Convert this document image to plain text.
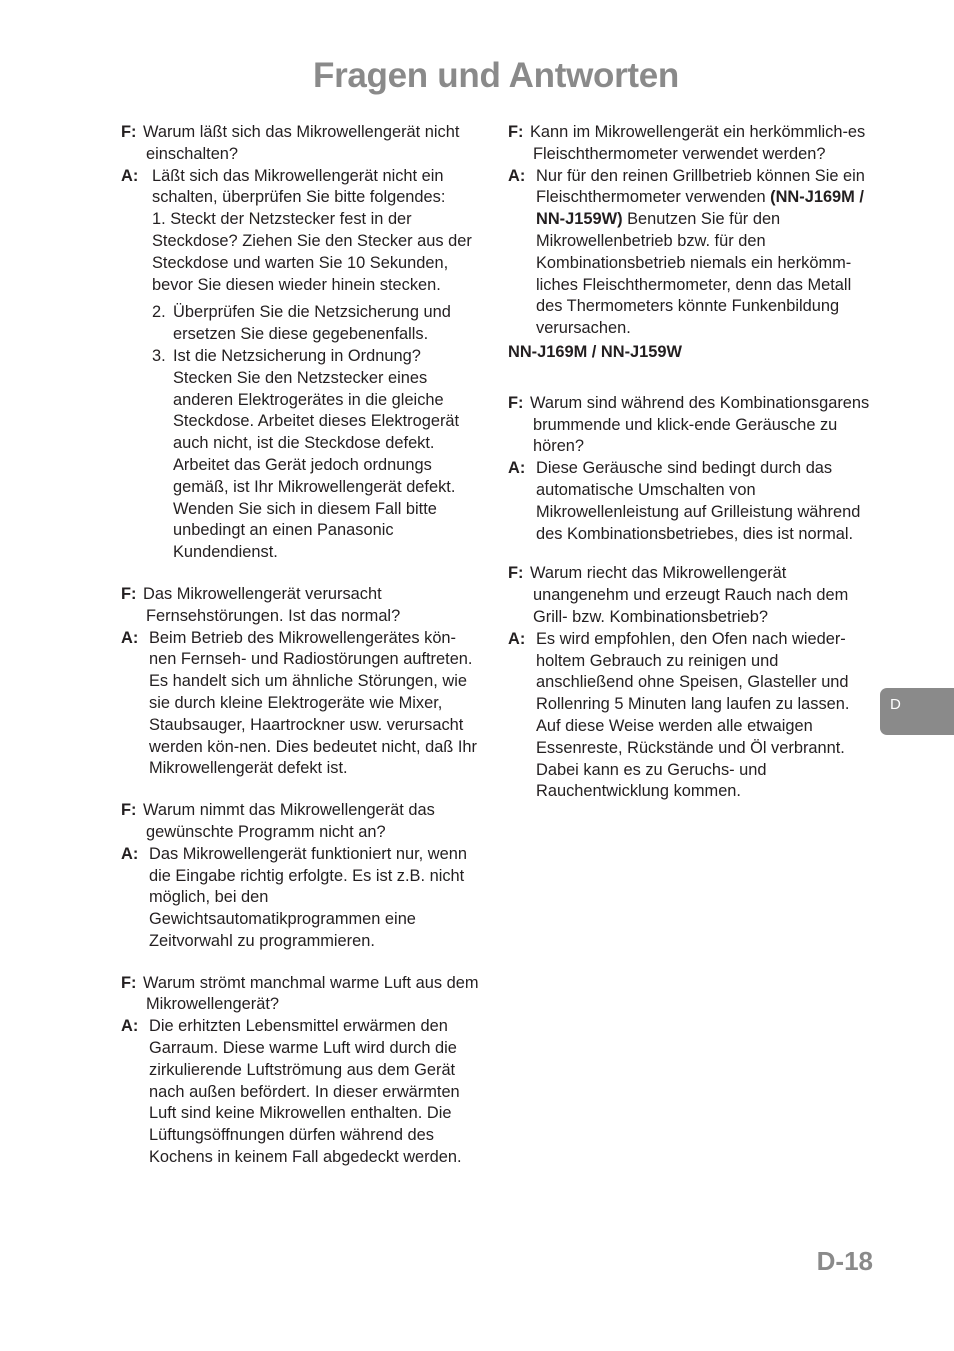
Fragen und Antworten
F: Warum läßt sich das Mikrowellengerät nicht einschalten?
A: Läßt sich das Mikrowellengerät nicht ein schalten, überprüfen Sie bitte folgendes:
1. Steckt der Netzstecker fest in der Steckdose? Ziehen Sie den Stecker aus der Steckdose und warten Sie 10 Sekunden, bevor Sie diesen wieder hinein stecken.
2. Überprüfen Sie die Netzsicherung und ersetzen Sie diese gegebenenfalls.
3. Ist die Netzsicherung in Ordnung? Stecken Sie den Netzstecker eines anderen Elektrogerätes in die gleiche Steckdose. Arbeitet dieses Elektrogerät auch nicht, ist die Steckdose defekt. Arbeitet das Gerät jedoch ordnungs gemäß, ist Ihr Mikrowellengerät defekt. Wenden Sie sich in diesem Fall bitte unbedingt an einen Panasonic Kundendienst.
F: Das Mikrowellengerät verursacht Fernsehstörungen. Ist das normal?
A: Beim Betrieb des Mikrowellengerätes kön-nen Fernseh- und Radiostörungen auftreten. Es handelt sich um ähnliche Störungen, wie sie durch kleine Elektrogeräte wie Mixer, Staubsauger, Haartrockner usw. verursacht werden kön-nen. Dies bedeutet nicht, daß Ihr Mikrowellengerät defekt ist.
F: Warum nimmt das Mikrowellengerät das gewünschte Programm nicht an?
A: Das Mikrowellengerät funktioniert nur, wenn die Eingabe richtig erfolgte. Es ist z.B. nicht möglich, bei den Gewichtsautomatikprogrammen eine Zeitvorwahl zu programmieren.
F: Warum strömt manchmal warme Luft aus dem Mikrowellengerät?
A: Die erhitzten Lebensmittel erwärmen den Garraum. Diese warme Luft wird durch die zirkulierende Luftströmung aus dem Gerät nach außen befördert. In dieser erwärmten Luft sind keine Mikrowellen enthalten. Die Lüftungsöffnungen dürfen während des Kochens in keinem Fall abgedeckt werden.
F: Kann im Mikrowellengerät ein herkömmlich-es Fleischthermometer verwendet werden?
A: Nur für den reinen Grillbetrieb können Sie ein Fleischthermometer verwenden (NN-J169M / NN-J159W) Benutzen Sie für den Mikrowellenbetrieb bzw. für den Kombinationsbetrieb niemals ein herkömm-liches Fleischthermometer, denn das Metall des Thermometers könnte Funkenbildung verursachen.
NN-J169M / NN-J159W
F: Warum sind während des Kombinationsgarens brummende und klick-ende Geräusche zu hören?
A: Diese Geräusche sind bedingt durch das automatische Umschalten von Mikrowellenleistung auf Grilleistung während des Kombinationsbetriebes, dies ist normal.
F: Warum riecht das Mikrowellengerät unangenehm und erzeugt Rauch nach dem Grill- bzw. Kombinationsbetrieb?
A: Es wird empfohlen, den Ofen nach wieder-holtem Gebrauch zu reinigen und anschließend ohne Speisen, Glasteller und Rollenring 5 Minuten lang laufen zu lassen. Auf diese Weise werden alle etwaigen Essenreste, Rückstände und Öl verbrannt. Dabei kann es zu Geruchs- und Rauchentwicklung kommen.
D
D-18
